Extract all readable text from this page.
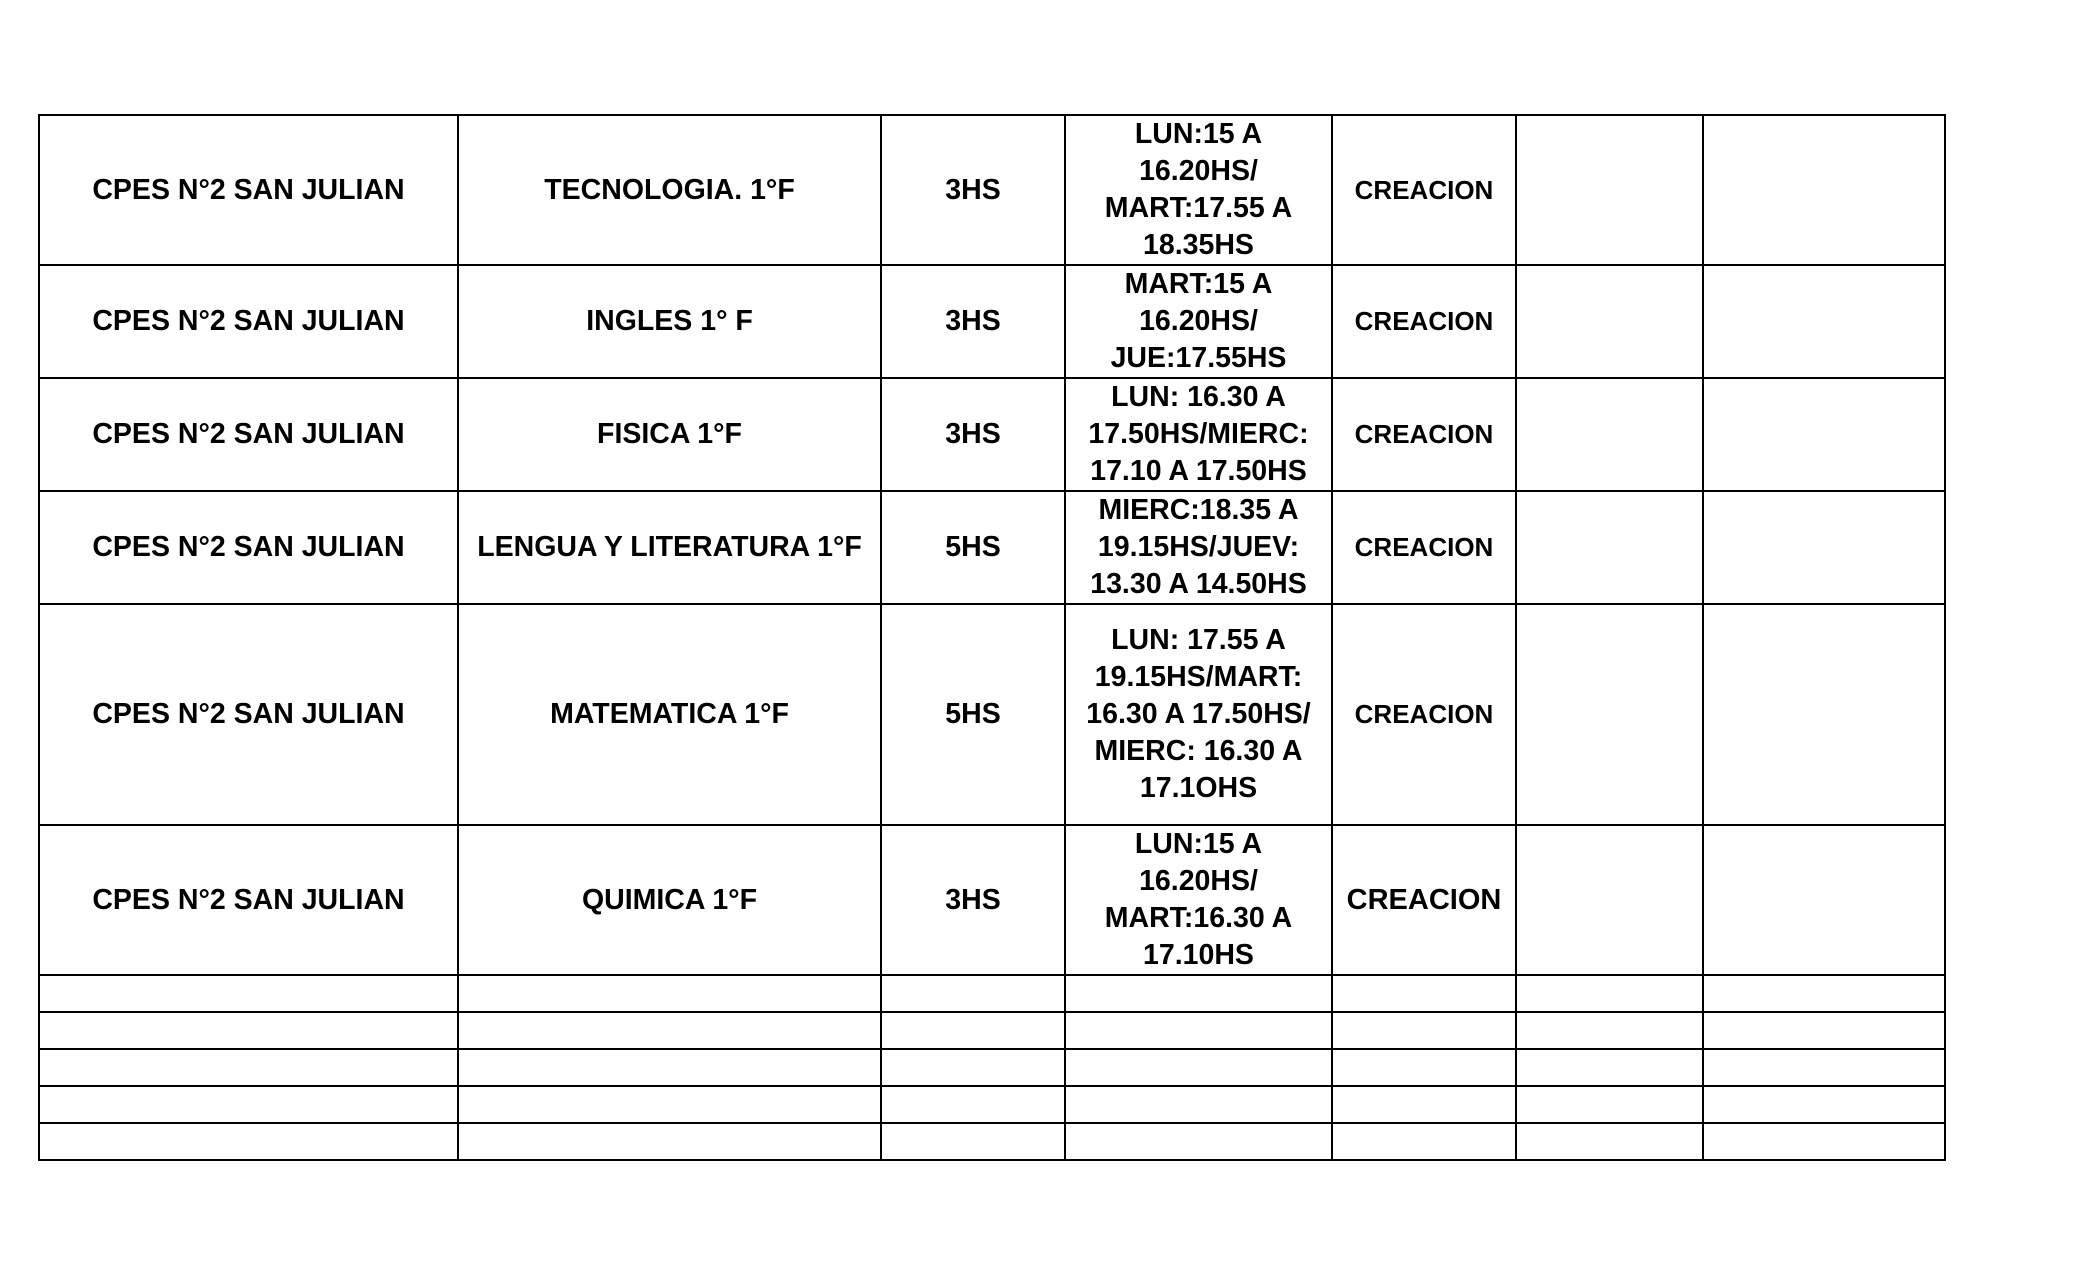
CPES N°2 SAN JULIAN	TECNOLOGIA. 1°F	3HS	LUN:15 A
16.20HS/
MART:17.55 A
18.35HS	CREACION		
CPES N°2 SAN JULIAN	INGLES 1° F	3HS	MART:15 A
16.20HS/
JUE:17.55HS	CREACION		
CPES N°2 SAN JULIAN	FISICA 1°F	3HS	LUN: 16.30 A
17.50HS/MIERC:
17.10 A 17.50HS	CREACION		
CPES N°2 SAN JULIAN	LENGUA Y LITERATURA 1°F	5HS	MIERC:18.35 A
19.15HS/JUEV:
13.30 A 14.50HS	CREACION		
CPES N°2 SAN JULIAN	MATEMATICA 1°F	5HS	LUN: 17.55 A
19.15HS/MART:
16.30 A 17.50HS/
MIERC: 16.30 A
17.1OHS	CREACION		
CPES N°2 SAN JULIAN	QUIMICA 1°F	3HS	LUN:15 A
16.20HS/
MART:16.30 A
17.10HS	CREACION		
